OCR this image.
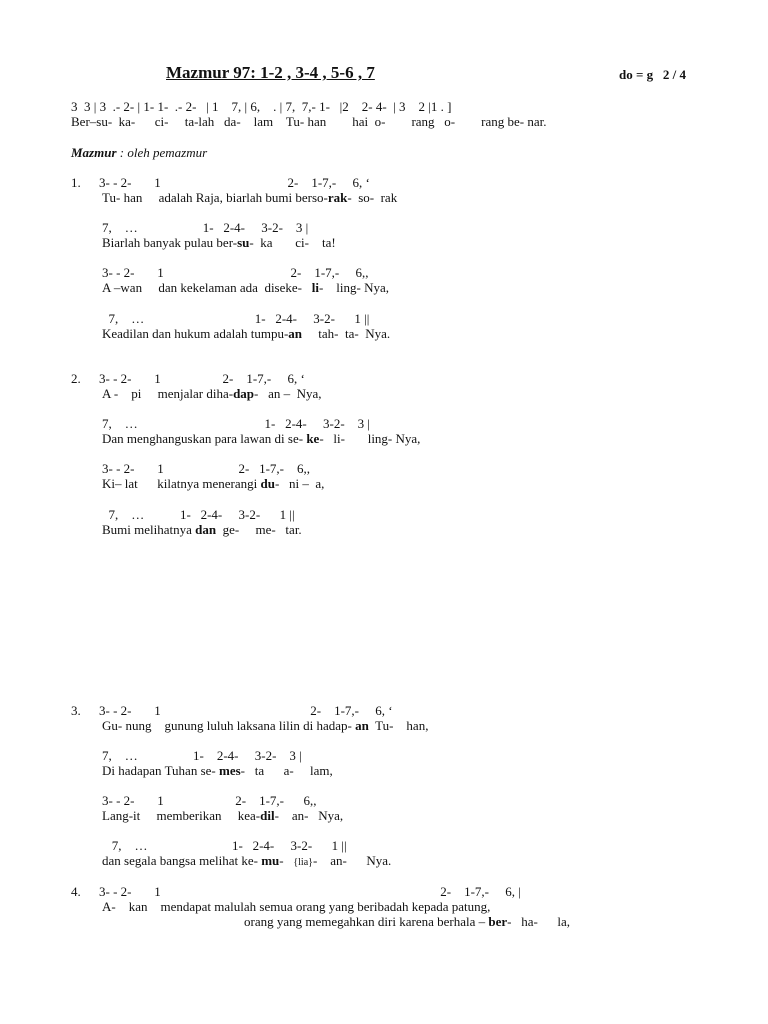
Mazmur 97: 1-2 , 3-4 , 5-6 , 7	do = g   2 / 4
3  3 | 3  .- 2- | 1- 1-  .- 2-   | 1    7, | 6,    . | 7,  7,- 1-   |2    2- 4-  | 3    2 |1 . ]
Ber–su-  ka-      ci-     ta-lah   da-    lam    Tu- han        hai  o-        rang   o-        rang be- nar.
Mazmur : oleh pemazmur
1. 3- - 2-       1                                       2-    1-7,-     6, ‘
Tu- han     adalah Raja, biarlah bumi berso-rak-  so-  rak
7,    …                    1-   2-4-     3-2-    3 |
Biarlah banyak pulau ber-su-  ka       ci-    ta!
3- - 2-       1                                       2-    1-7,-     6,,
A –wan     dan kekelaman ada  diseke-   li-    ling- Nya,
7,    …                                  1-   2-4-     3-2-      1 ||
Keadilan dan hukum adalah tumpu-an     tah-  ta-  Nya.
2. 3- - 2-       1                   2-    1-7,-     6, ‘
A -    pi     menjalar diha-dap-   an –  Nya,
7,    …                                       1-   2-4-     3-2-    3 |
Dan menghanguskan para lawan di se- ke-   li-       ling- Nya,
3- - 2-       1                       2-   1-7,-    6,,
Ki– lat      kilatnya menerangi du-   ni –  a,
7,    …           1-   2-4-     3-2-      1 ||
Bumi melihatnya dan  ge-     me-   tar.
3. 3- - 2-       1                                              2-    1-7,-     6, ‘
Gu- nung    gunung luluh laksana lilin di hadap- an  Tu-    han,
7,    …                 1-    2-4-     3-2-    3 |
Di hadapan Tuhan se- mes-   ta      a-     lam,
3- - 2-       1                      2-    1-7,-      6,,
Lang-it     memberikan     kea-dil-    an-   Nya,
7,    …                          1-   2-4-     3-2-      1 ||
dan segala bangsa melihat ke- mu-   {lia}-    an-      Nya.
4. 3- - 2-       1                                                                                      2-    1-7,-     6, |
A-    kan    mendapat malulah semua orang yang beribadah kepada patung,
orang yang memegahkan diri karena berhala – ber-   ha-      la,
